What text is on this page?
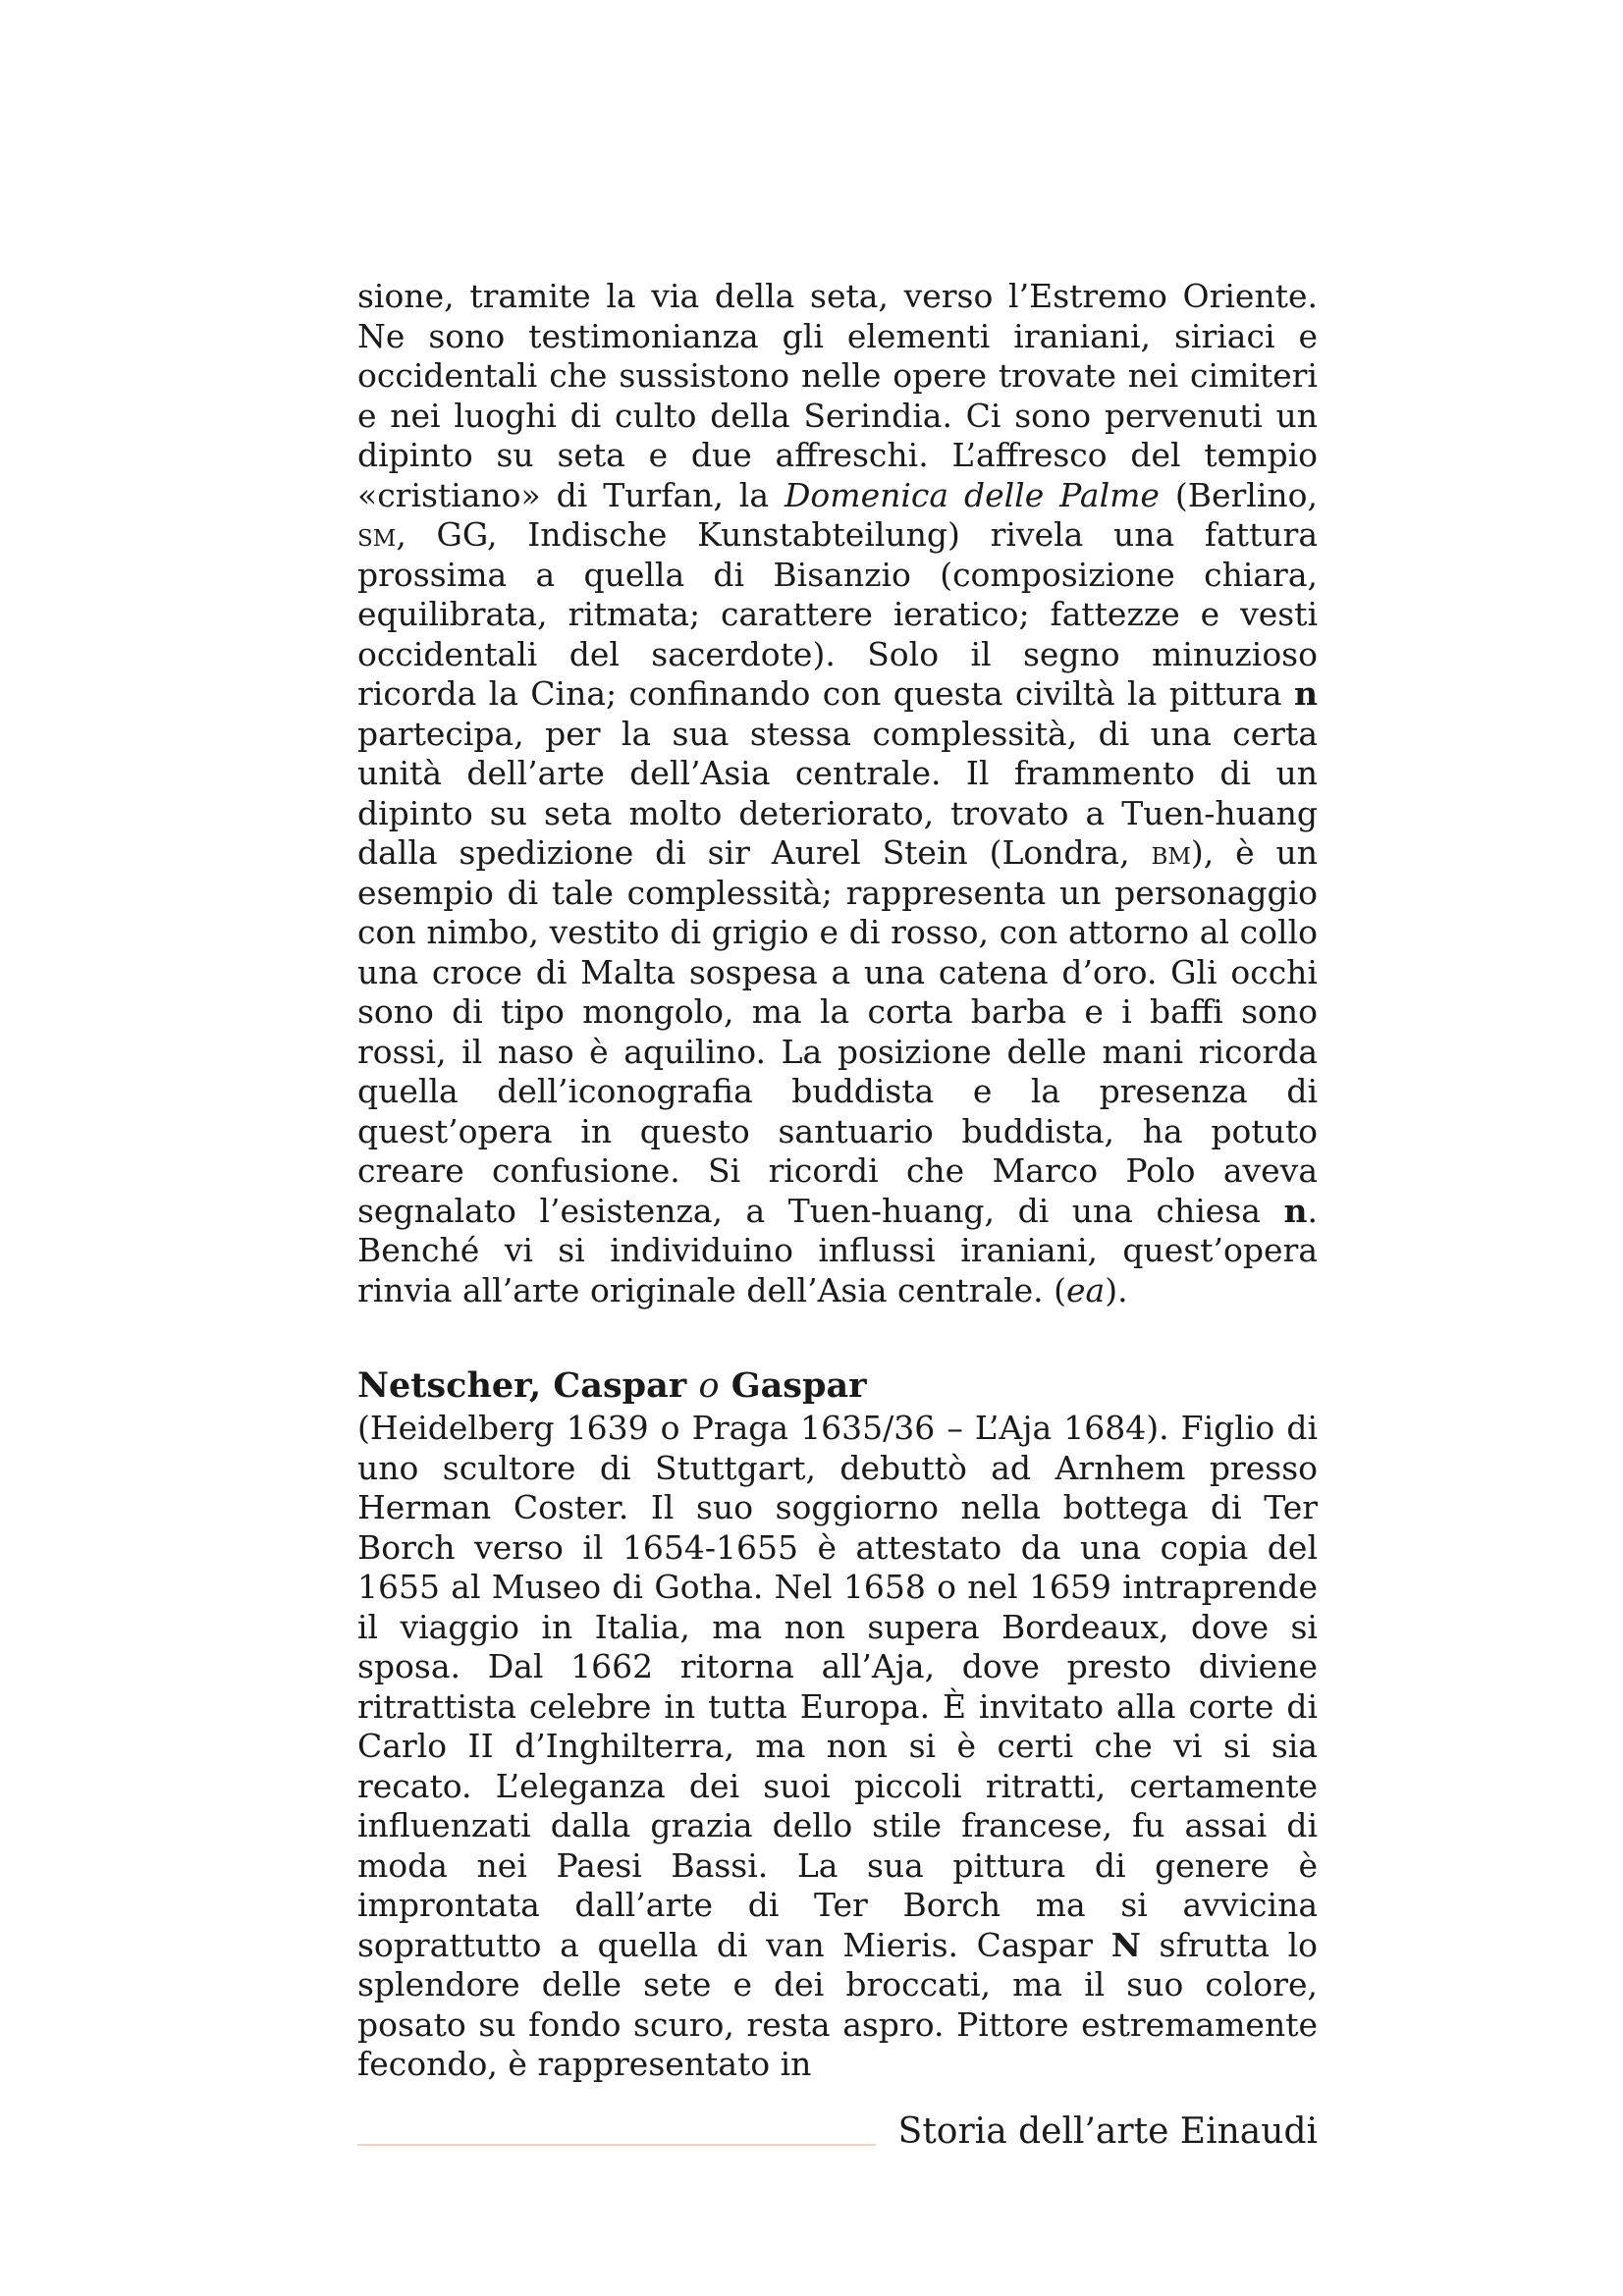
sione, tramite la via della seta, verso l’Estremo Oriente. Ne sono testimonianza gli elementi iraniani, siriaci e occidentali che sussistono nelle opere trovate nei cimiteri e nei luoghi di culto della Serindia. Ci sono pervenuti un dipinto su seta e due affreschi. L’affresco del tempio «cristiano» di Turfan, la Domenica delle Palme (Berlino, sm, GG, Indische Kunstabteilung) rivela una fattura prossima a quella di Bisanzio (composizione chiara, equilibrata, ritmata; carattere ieratico; fattezze e vesti occidentali del sacerdote). Solo il segno minuzioso ricorda la Cina; confinando con questa civiltà la pittura n partecipa, per la sua stessa complessità, di una certa unità dell’arte dell’Asia centrale. Il frammento di un dipinto su seta molto deteriorato, trovato a Tuen-huang dalla spedizione di sir Aurel Stein (Londra, bm), è un esempio di tale complessità; rappresenta un personaggio con nimbo, vestito di grigio e di rosso, con attorno al collo una croce di Malta sospesa a una catena d’oro. Gli occhi sono di tipo mongolo, ma la corta barba e i baffi sono rossi, il naso è aquilino. La posizione delle mani ricorda quella dell’iconografia buddista e la presenza di quest’opera in questo santuario buddista, ha potuto creare confusione. Si ricordi che Marco Polo aveva segnalato l’esistenza, a Tuen-huang, di una chiesa n. Benché vi si individuino influssi iraniani, quest’opera rinvia all’arte originale dell’Asia centrale. (ea).

Netscher, Caspar o Gaspar

(Heidelberg 1639 o Praga 1635/36 – L’Aja 1684). Figlio di uno scultore di Stuttgart, debuttò ad Arnhem presso Herman Coster. Il suo soggiorno nella bottega di Ter Borch verso il 1654-1655 è attestato da una copia del 1655 al Museo di Gotha. Nel 1658 o nel 1659 intraprende il viaggio in Italia, ma non supera Bordeaux, dove si sposa. Dal 1662 ritorna all’Aja, dove presto diviene ritrattista celebre in tutta Europa. È invitato alla corte di Carlo II d’Inghilterra, ma non si è certi che vi si sia recato. L’eleganza dei suoi piccoli ritratti, certamente influenzati dalla grazia dello stile francese, fu assai di moda nei Paesi Bassi. La sua pittura di genere è improntata dall’arte di Ter Borch ma si avvicina soprattutto a quella di van Mieris. Caspar N sfrutta lo splendore delle sete e dei broccati, ma il suo colore, posato su fondo scuro, resta aspro. Pittore estremamente fecondo, è rappresentato in

Storia dell’arte Einaudi
